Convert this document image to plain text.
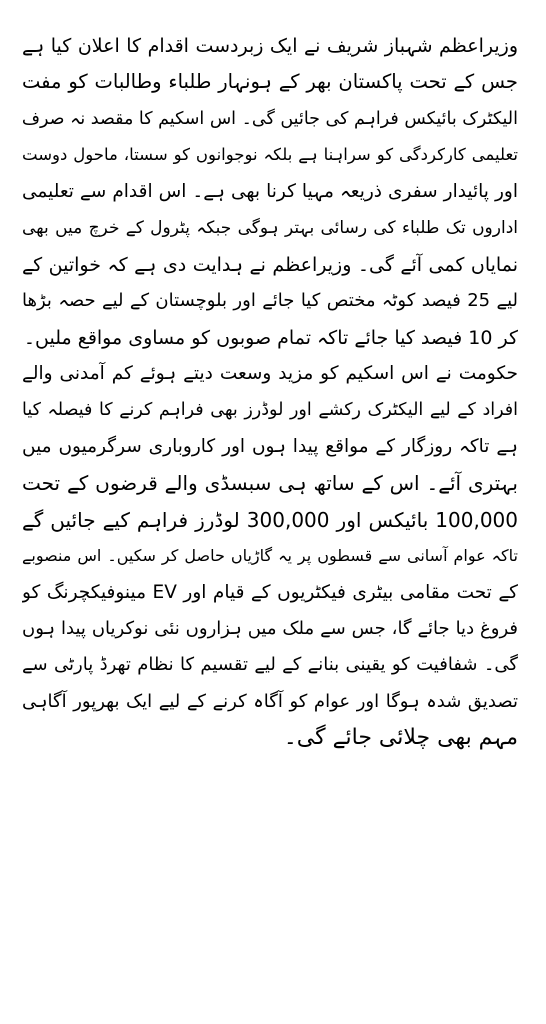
وزیراعظم شہباز شریف نے ایک زبردست اقدام کا اعلان کیا ہے
جس کے تحت پاکستان بھر کے ہونہار طلباء وطالبات کو مفت
الیکٹرک بائیکس فراہم کی جائیں گی۔ اس اسکیم کا مقصد نہ صرف
تعلیمی کارکردگی کو سراہنا ہے بلکہ نوجوانوں کو سستا، ماحول دوست
اور پائیدار سفری ذریعہ مہیا کرنا بھی ہے۔ اس اقدام سے تعلیمی
اداروں تک طلباء کی رسائی بہتر ہوگی جبکہ پٹرول کے خرچ میں بھی
نمایاں کمی آئے گی۔ وزیراعظم نے ہدایت دی ہے کہ خواتین کے
لیے 25 فیصد کوٹہ مختص کیا جائے اور بلوچستان کے لیے حصہ بڑھا
کر 10 فیصد کیا جائے تاکہ تمام صوبوں کو مساوی مواقع ملیں۔
حکومت نے اس اسکیم کو مزید وسعت دیتے ہوئے کم آمدنی والے
افراد کے لیے الیکٹرک رکشے اور لوڈرز بھی فراہم کرنے کا فیصلہ کیا
ہے تاکہ روزگار کے مواقع پیدا ہوں اور کاروباری سرگرمیوں میں
بہتری آئے۔ اس کے ساتھ ہی سبسڈی والے قرضوں کے تحت
100,000 بائیکس اور 300,000 لوڈرز فراہم کیے جائیں گے
تاکہ عوام آسانی سے قسطوں پر یہ گاڑیاں حاصل کر سکیں۔ اس منصوبے
کے تحت مقامی بیٹری فیکٹریوں کے قیام اور EV مینوفیکچرنگ کو
فروغ دیا جائے گا، جس سے ملک میں ہزاروں نئی نوکریاں پیدا ہوں
گی۔ شفافیت کو یقینی بنانے کے لیے تقسیم کا نظام تھرڈ پارٹی سے
تصدیق شدہ ہوگا اور عوام کو آگاہ کرنے کے لیے ایک بھرپور آگاہی
مہم بھی چلائی جائے گی۔
